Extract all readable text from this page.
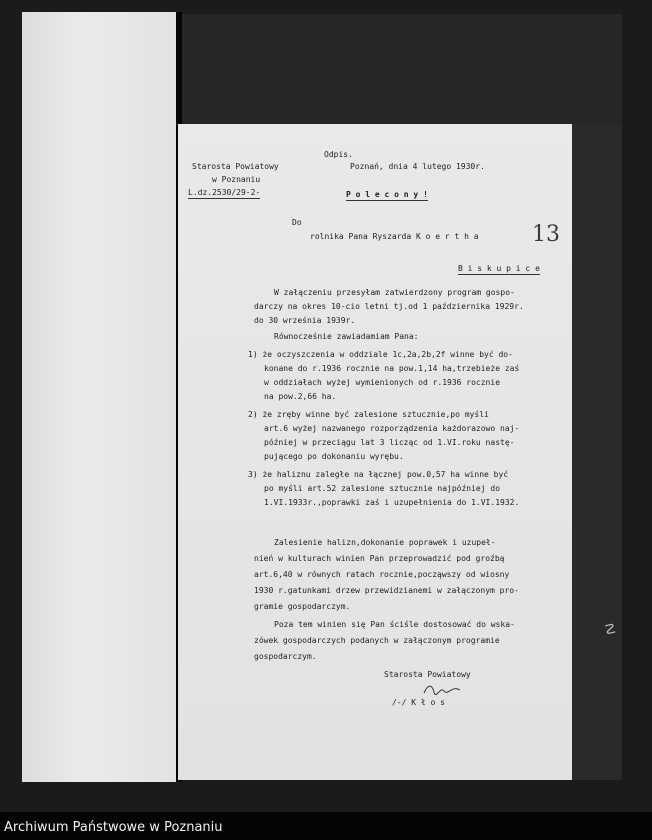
Starosta Powiatowy
w Poznaniu
L.dz.2530/29-2-
Odpis.
Poznań, dnia 4 lutego 1930r.
P o l e c o n y !
Do
rolnika Pana Ryszarda K o e r t h a
B i s k u p i c e
W załączeniu przesyłam zatwierdzony program gospo-
darczy na okres 10-cio letni tj.od 1 października 1929r.
do 30 września 1939r.
Równocześnie zawiadamiam Pana:
1) że oczyszczenia w oddziale 1c,2a,2b,2f winne być do-
konane do r.1936 rocznie na pow.1,14 ha,trzebieże zaś
w oddziałach wyżej wymienionych od r.1936 rocznie
na pow.2,66 ha.
2) że zręby winne być zalesione sztucznie,po myśli
art.6 wyżej nazwanego rozporządzenia każdorazowo naj-
później w przeciągu lat 3 licząc od 1.VI.roku nastę-
pującego po dokonaniu wyrębu.
3) że haliznu zaległe na łącznej pow.0,57 ha winne być
po myśli art.52 zalesione sztucznie najpóźniej do
1.VI.1933r.,poprawki zaś i uzupełnienia do 1.VI.1932.
Zalesienie halizn,dokonanie poprawek i uzupeł-
nień w kulturach winien Pan przeprowadzić pod groźbą
art.6,40 w równych ratach rocznie,począwszy od wiosny
1930 r.gatunkami drzew przewidzianemi w załączonym pro-
gramie gospodarczym.
Poza tem winien się Pan ściśle dostosować do wska-
zówek gospodarczych podanych w załączonym programie
gospodarczym.
Starosta Powiatowy
/-/ K ł o s
13
☡
Archiwum Państwowe w Poznaniu
